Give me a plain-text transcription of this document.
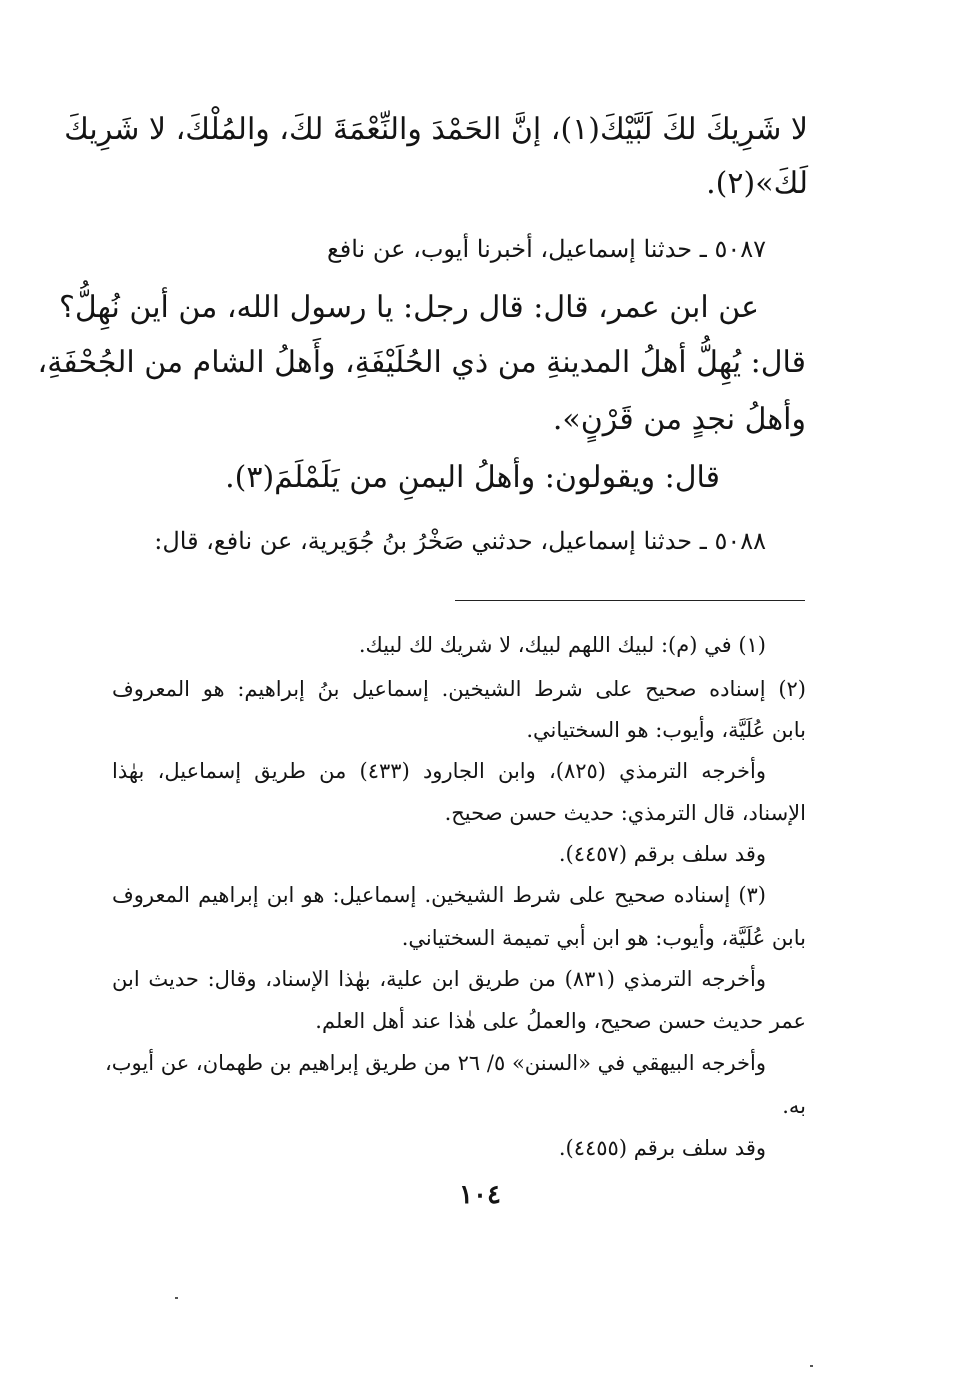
لا شَرِيكَ لكَ لَبَّيْكَ(١)، إنَّ الحَمْدَ والنِّعْمَةَ لكَ، والمُلْكَ، لا شَرِيكَ

لَكَ»(٢).

٥٠٨٧ ـ حدثنا إسماعيل، أخبرنا أيوب، عن نافع

عن ابن عمر، قال: قال رجل: يا رسول الله، من أين نُهِلُّ؟

قال: يُهِلُّ أهلُ المدينةِ من ذي الحُلَيْفَةِ، وأَهلُ الشام من الجُحْفَةِ،

وأهلُ نجدٍ من قَرْنٍ».

قال: ويقولون: وأهلُ اليمنِ من يَلَمْلَمَ(٣).

٥٠٨٨ ـ حدثنا إسماعيل، حدثني صَخْرُ بنُ جُوَيرية، عن نافع، قال:

(١) في (م): لبيك اللهم لبيك، لا شريك لك لبيك.

(٢) إسناده صحيح على شرط الشيخين. إسماعيل بنُ إبراهيم: هو المعروف

بابن عُلَيَّة، وأيوب: هو السختياني.

وأخرجه الترمذي (٨٢٥)، وابن الجارود (٤٣٣) من طريق إسماعيل، بهٰذا

الإسناد، قال الترمذي: حديث حسن صحيح.

وقد سلف برقم (٤٤٥٧).

(٣) إسناده صحيح على شرط الشيخين. إسماعيل: هو ابن إبراهيم المعروف

بابن عُلَيَّة، وأيوب: هو ابن أبي تميمة السختياني.

وأخرجه الترمذي (٨٣١) من طريق ابن علية، بهٰذا الإسناد، وقال: حديث ابن

عمر حديث حسن صحيح، والعملُ على هٰذا عند أهل العلم.

وأخرجه البيهقي في «السنن» ٥/ ٢٦ من طريق إبراهيم بن طهمان، عن أيوب،

به.

وقد سلف برقم (٤٤٥٥).

١٠٤
